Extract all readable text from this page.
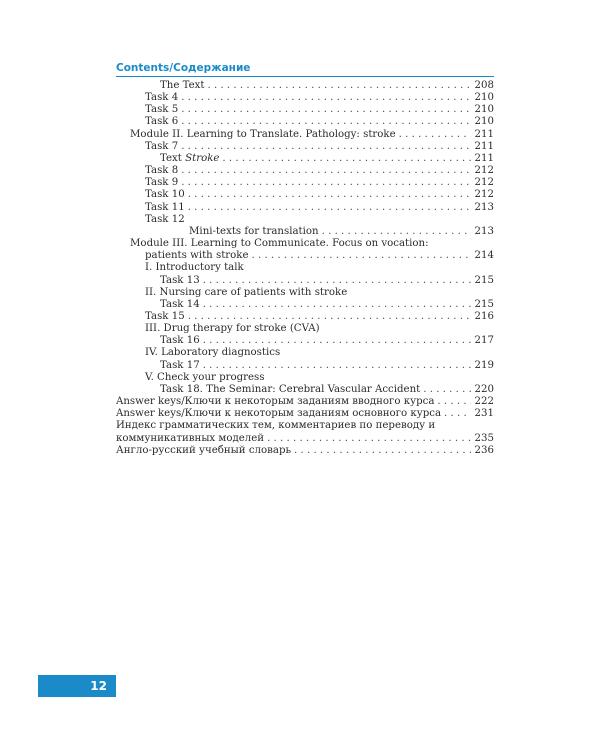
Contents/Содержание
The Text . . .	208
Task 4 . . .	210
Task 5 . . .	210
Task 6 . . .	210
Module II. Learning to Translate. Pathology: stroke . . .	211
Task 7 . . .	211
Text Stroke . . .	211
Task 8 . . .	212
Task 9 . . .	212
Task 10 . . .	212
Task 11 . . .	213
Task 12
Mini-texts for translation . . .	213
Module III. Learning to Communicate. Focus on vocation:
patients with stroke . . .	214
I. Introductory talk
Task 13 . . .	215
II. Nursing care of patients with stroke
Task 14 . . .	215
Task 15 . . .	216
III. Drug therapy for stroke (CVA)
Task 16 . . .	217
IV. Laboratory diagnostics
Task 17 . . .	219
V. Check your progress
Task 18. The Seminar: Cerebral Vascular Accident . . .	220
Answer keys/Ключи к некоторым заданиям вводного курса . . .	222
Answer keys/Ключи к некоторым заданиям основного курса . . .	231
Индекс грамматических тем, комментариев по переводу и
коммуникативных моделей . . .	235
Англо-русский учебный словарь . . .	236
12
